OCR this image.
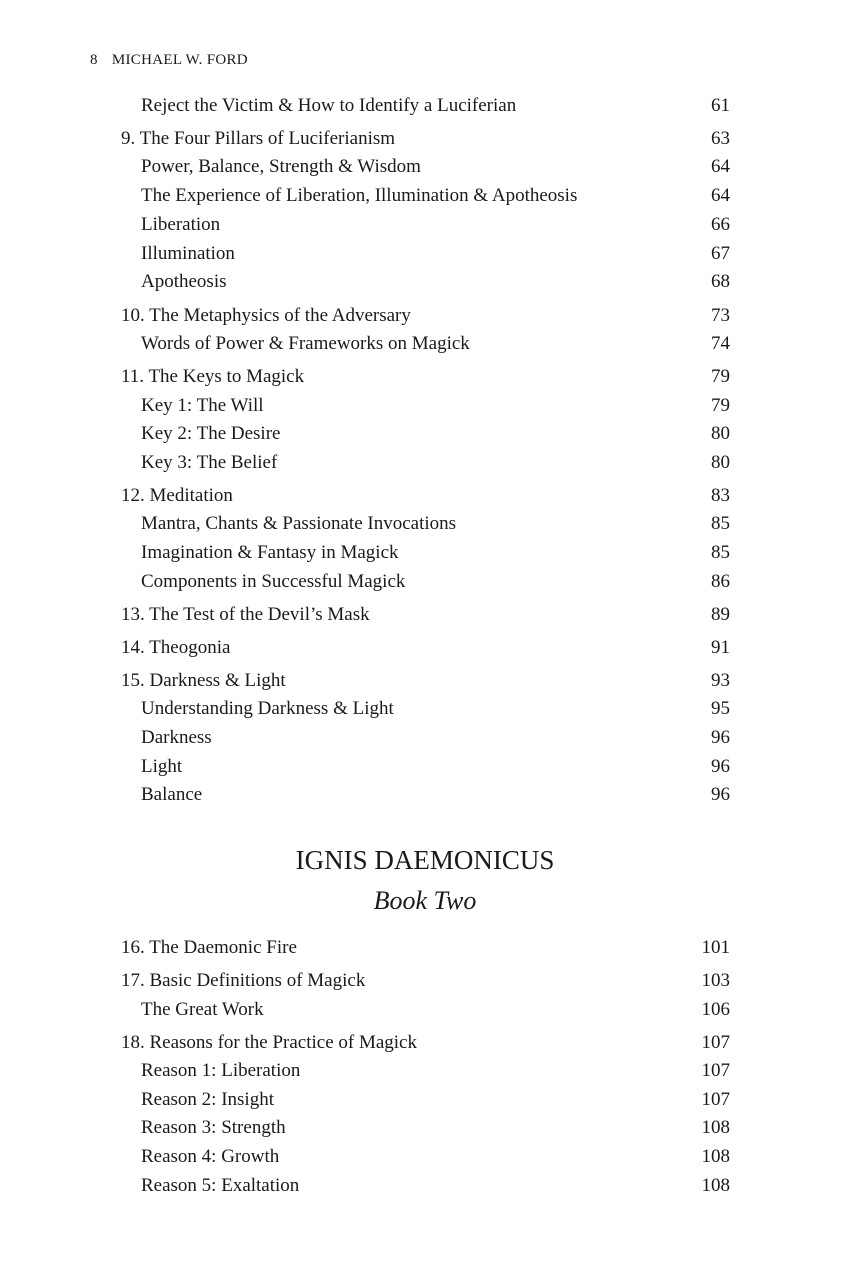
8 MICHAEL W. FORD
Reject the Victim & How to Identify a Luciferian	61
9. The Four Pillars of Luciferianism	63
Power, Balance, Strength & Wisdom	64
The Experience of Liberation, Illumination & Apotheosis	64
Liberation	66
Illumination	67
Apotheosis	68
10. The Metaphysics of the Adversary	73
Words of Power & Frameworks on Magick	74
11. The Keys to Magick	79
Key 1: The Will	79
Key 2: The Desire	80
Key 3: The Belief	80
12. Meditation	83
Mantra, Chants & Passionate Invocations	85
Imagination & Fantasy in Magick	85
Components in Successful Magick	86
13. The Test of the Devil’s Mask	89
14. Theogonia	91
15. Darkness & Light	93
Understanding Darkness & Light	95
Darkness	96
Light	96
Balance	96
IGNIS DAEMONICUS
Book Two
16. The Daemonic Fire	101
17. Basic Definitions of Magick	103
The Great Work	106
18. Reasons for the Practice of Magick	107
Reason 1: Liberation	107
Reason 2: Insight	107
Reason 3: Strength	108
Reason 4: Growth	108
Reason 5: Exaltation	108
